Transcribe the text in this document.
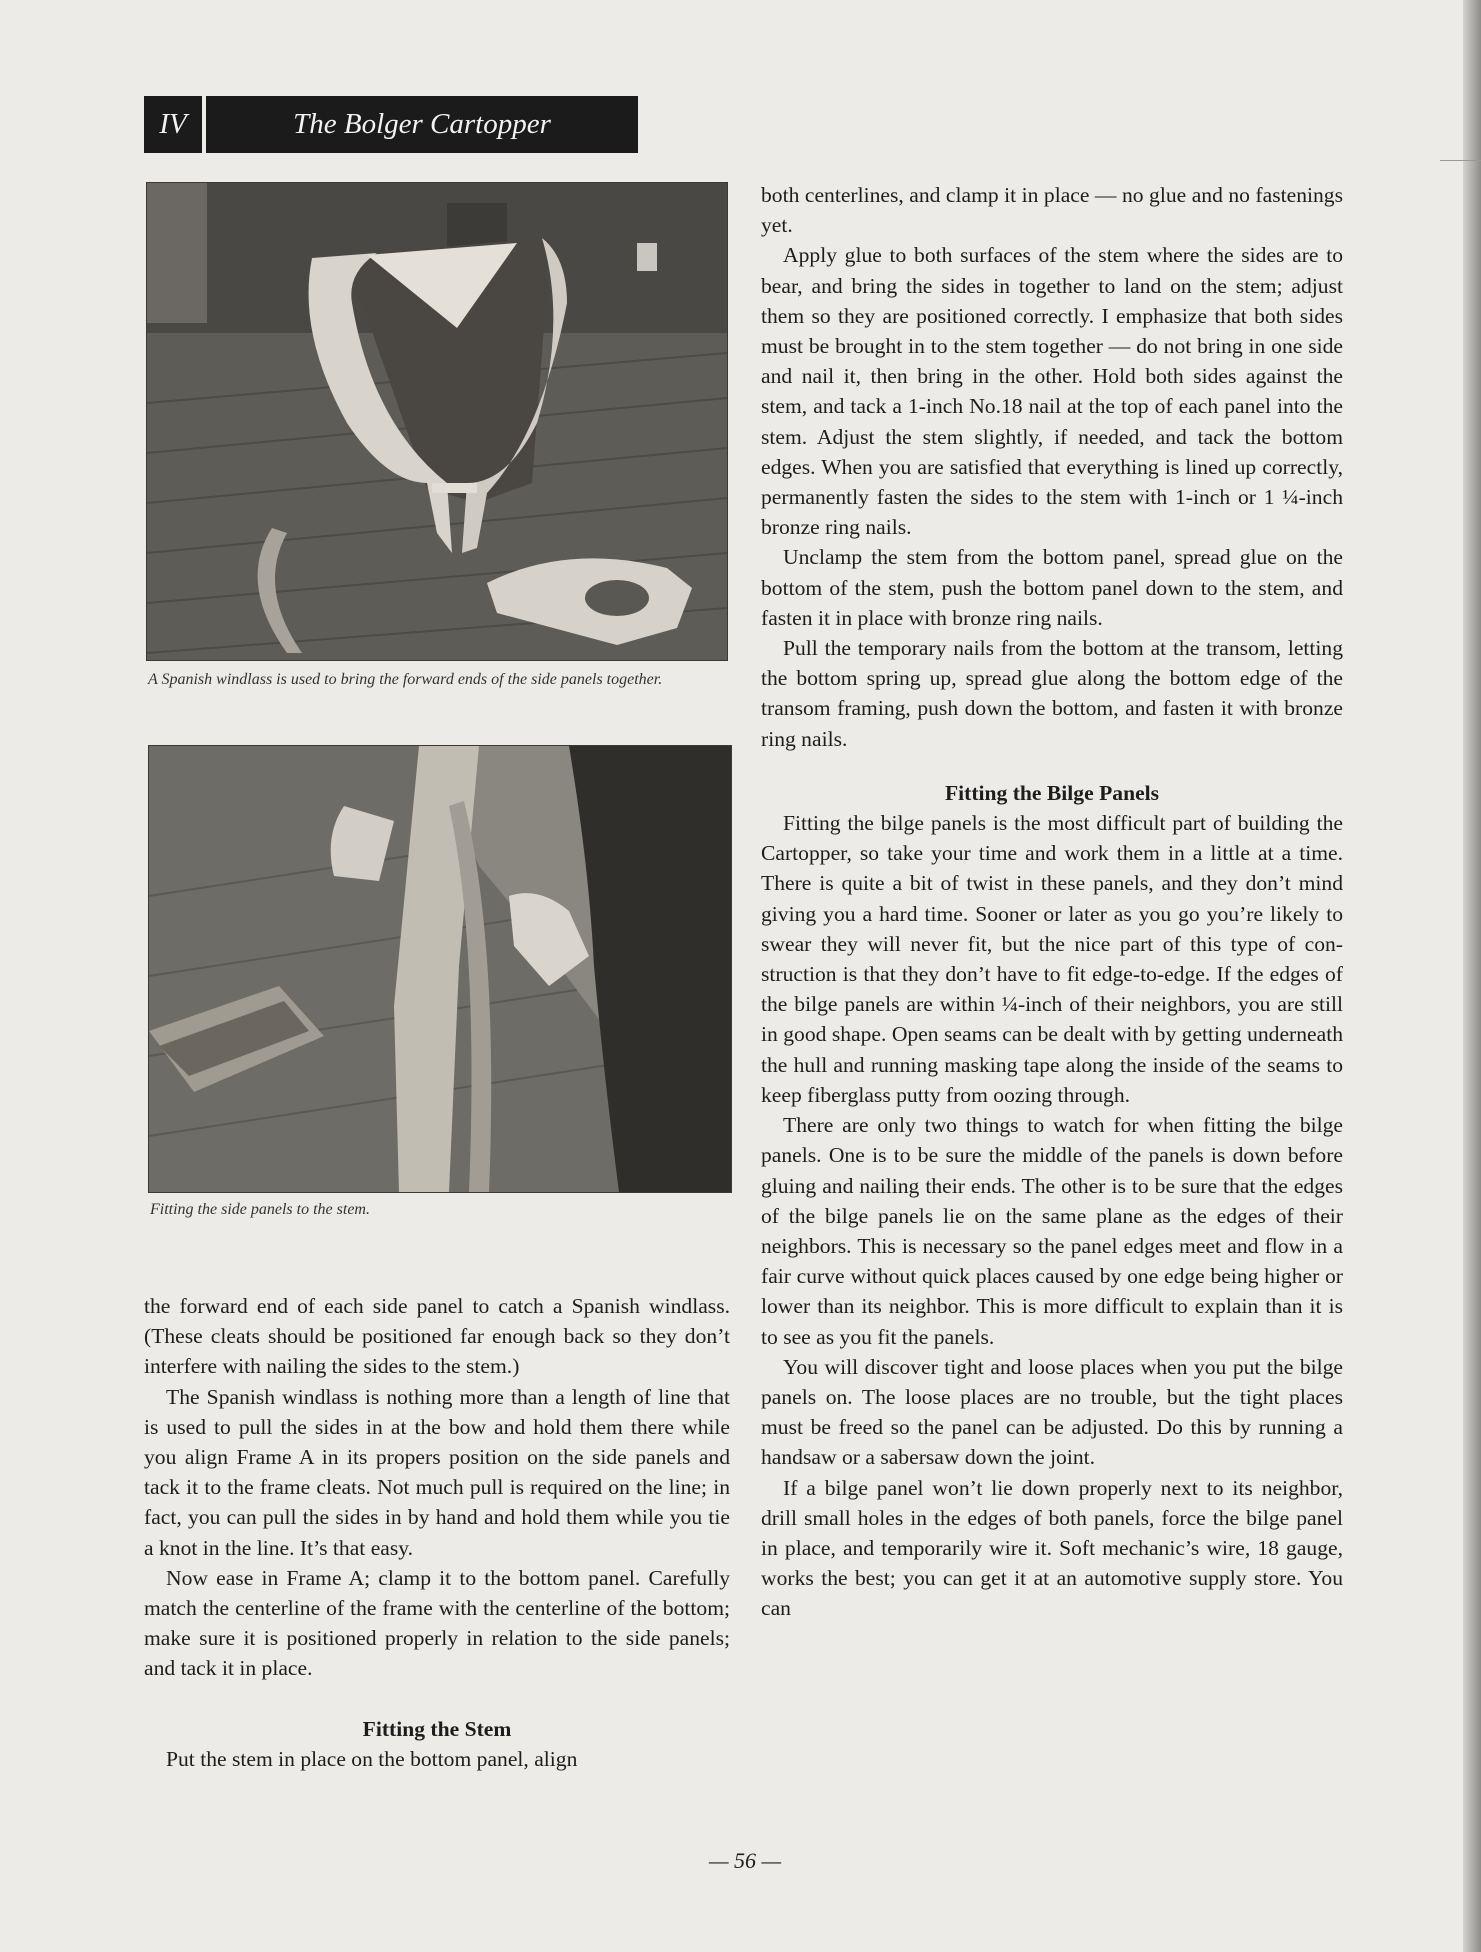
IV	The Bolger Cartopper
A Spanish windlass is used to bring the forward ends of the side panels together.
Fitting the side panels to the stem.

the forward end of each side panel to catch a Spanish windlass. (These cleats should be positioned far enough back so they don’t interfere with nailing the sides to the stem.)

The Spanish windlass is nothing more than a length of line that is used to pull the sides in at the bow and hold them there while you align Frame A in its propers position on the side panels and tack it to the frame cleats. Not much pull is required on the line; in fact, you can pull the sides in by hand and hold them while you tie a knot in the line. It’s that easy.

Now ease in Frame A; clamp it to the bottom panel. Carefully match the centerline of the frame with the centerline of the bottom; make sure it is positioned properly in relation to the side panels; and tack it in place.

Fitting the Stem

Put the stem in place on the bottom panel, align

both centerlines, and clamp it in place — no glue and no fastenings yet.

Apply glue to both surfaces of the stem where the sides are to bear, and bring the sides in together to land on the stem; adjust them so they are positioned correctly. I emphasize that both sides must be brought in to the stem together — do not bring in one side and nail it, then bring in the other. Hold both sides against the stem, and tack a 1-inch No.18 nail at the top of each panel into the stem. Adjust the stem slightly, if needed, and tack the bottom edges. When you are satisfied that everything is lined up correctly, permanently fasten the sides to the stem with 1-inch or 1 ¼-inch bronze ring nails.

Unclamp the stem from the bottom panel, spread glue on the bottom of the stem, push the bottom panel down to the stem, and fasten it in place with bronze ring nails.

Pull the temporary nails from the bottom at the transom, letting the bottom spring up, spread glue along the bottom edge of the transom framing, push down the bottom, and fasten it with bronze ring nails.

Fitting the Bilge Panels

Fitting the bilge panels is the most difficult part of building the Cartopper, so take your time and work them in a little at a time. There is quite a bit of twist in these panels, and they don’t mind giving you a hard time. Sooner or later as you go you’re likely to swear they will never fit, but the nice part of this type of construction is that they don’t have to fit edge-to-edge. If the edges of the bilge panels are within ¼-inch of their neighbors, you are still in good shape. Open seams can be dealt with by getting underneath the hull and running masking tape along the inside of the seams to keep fiberglass putty from oozing through.

There are only two things to watch for when fitting the bilge panels. One is to be sure the middle of the panels is down before gluing and nailing their ends. The other is to be sure that the edges of the bilge panels lie on the same plane as the edges of their neighbors. This is necessary so the panel edges meet and flow in a fair curve without quick places caused by one edge being higher or lower than its neighbor. This is more difficult to explain than it is to see as you fit the panels.

You will discover tight and loose places when you put the bilge panels on. The loose places are no trouble, but the tight places must be freed so the panel can be adjusted. Do this by running a handsaw or a sabersaw down the joint.

If a bilge panel won’t lie down properly next to its neighbor, drill small holes in the edges of both panels, force the bilge panel in place, and temporarily wire it. Soft mechanic’s wire, 18 gauge, works the best; you can get it at an automotive supply store. You can

— 56 —
